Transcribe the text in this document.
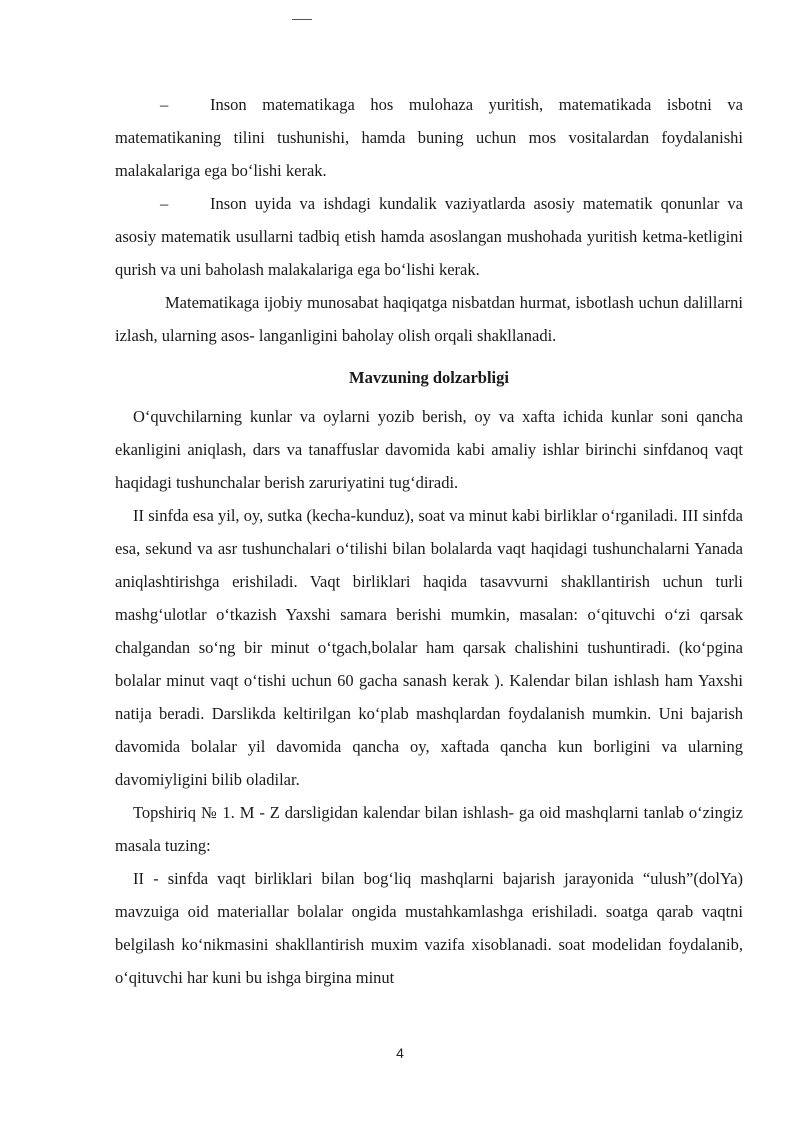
–	Inson matematikaga hos mulohaza yuritish, matematikada isbotni va matematikaning tilini tushunishi, hamda buning uchun mos vositalardan foydalanishi malakalariga ega bo‘lishi kerak.

–	Inson uyida va ishdagi kundalik vaziyatlarda asosiy matematik qonunlar va asosiy matematik usullarni tadbiq etish hamda asoslangan mushohada yuritish ketma-ketligini qurish va uni baholash malakalariga ega bo‘lishi kerak.

Matematikaga ijobiy munosabat haqiqatga nisbatdan hurmat, isbotlash uchun dalillarni izlash, ularning asos- langanligini baholay olish orqali shakllanadi.

Mavzuning dolzarbligi

O‘quvchilarning kunlar va oylarni yozib berish, oy va xafta ichida kunlar soni qancha ekanligini aniqlash, dars va tanaffuslar davomida kabi amaliy ishlar birinchi sinfdanoq vaqt haqidagi tushunchalar berish zaruriyatini tug‘diradi.

II sinfda esa yil, oy, sutka (kecha-kunduz), soat va minut kabi birliklar o‘rganiladi. III sinfda esa, sekund va asr tushunchalari o‘tilishi bilan bolalarda vaqt haqidagi tushunchalarni Yanada aniqlashtirishga erishiladi. Vaqt birliklari haqida tasavvurni shakllantirish uchun turli mashg‘ulotlar o‘tkazish Yaxshi samara berishi mumkin, masalan: o‘qituvchi o‘zi qarsak chalgandan so‘ng bir minut o‘tgach,bolalar ham qarsak chalishini tushuntiradi. (ko‘pgina bolalar minut vaqt o‘tishi uchun 60 gacha sanash kerak ). Kalendar bilan ishlash ham Yaxshi natija beradi. Darslikda keltirilgan ko‘plab mashqlardan foydalanish mumkin. Uni bajarish davomida bolalar yil davomida qancha oy, xaftada qancha kun borligini va ularning davomiyligini bilib oladilar.

Topshiriq № 1. M - Z darsligidan kalendar bilan ishlash- ga oid mashqlarni tanlab o‘zingiz masala tuzing:

II - sinfda vaqt birliklari bilan bog‘liq mashqlarni bajarish jarayonida “ulush”(dolYa) mavzuiga oid materiallar bolalar ongida mustahkamlashga erishiladi. soatga qarab vaqtni belgilash ko‘nikmasini shakllantirish muxim vazifa xisoblanadi. soat modelidan foydalanib, o‘qituvchi har kuni bu ishga birgina minut

4
